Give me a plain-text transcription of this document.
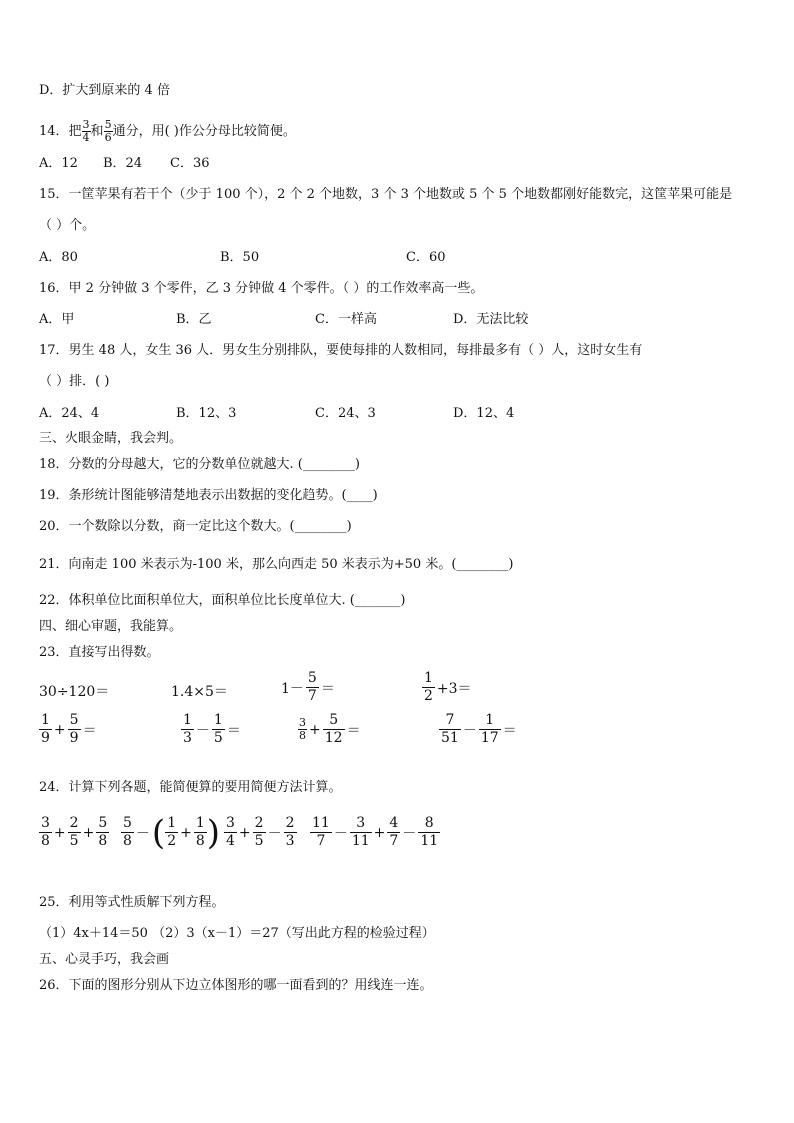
D．扩大到原来的 4 倍
14．把 $\frac{3}{4}$ 和 $\frac{5}{6}$ 通分，用( )作公分母比较简便。
A．12 B．24 C．36
15．一筐苹果有若干个（少于 100 个），2 个 2 个地数，3 个 3 个地数或 5 个 5 个地数都刚好能数完，这筐苹果可能是
（ ）个。
A．80	B．50	C．60
16．甲 2 分钟做 3 个零件，乙 3 分钟做 4 个零件。（ ）的工作效率高一些。
A．甲	B．乙	C．一样高	D．无法比较
17．男生 48 人，女生 36 人．男女生分别排队，要使每排的人数相同，每排最多有（ ）人，这时女生有
（ ）排．( )
A．24、4	B．12、3	C．24、3	D．12、4
三、火眼金睛，我会判。
18．分数的分母越大，它的分数单位就越大. (________)
19．条形统计图能够清楚地表示出数据的变化趋势。(____)
20．一个数除以分数，商一定比这个数大。(________)
21．向南走 100 米表示为-100 米，那么向西走 50 米表示为+50 米。(________)
22．体积单位比面积单位大，面积单位比长度单位大. (_______)
四、细心审题，我能算。
23．直接写出得数。
30÷120＝	1.4×5＝	$1- \frac{5}{7}$ ＝	$\frac{1}{2} +3=$
$\frac{1}{9} + \frac{5}{9}$ ＝	$\frac{1}{3} - \frac{1}{5}$ ＝	$\frac{3}{8} + \frac{5}{12}$ ＝	$\frac{7}{51} - \frac{1}{17}$ ＝
24．计算下列各题，能简便算的要用简便方法计算。
$\frac{3}{8} + \frac{2}{5} + \frac{5}{8} \frac{5}{8}$ －( $\frac{1}{2} + \frac{1}{8}$ ) $\frac{3}{4} + \frac{2}{5} - \frac{2}{3} \frac{11}{7} - \frac{3}{11} + \frac{4}{7} - \frac{8}{11}$
25．利用等式性质解下列方程。
（1）4x＋14＝50 （2）3（x－1）＝27（写出此方程的检验过程）
五、心灵手巧，我会画
26．下面的图形分别从下边立体图形的哪一面看到的？用线连一连。
